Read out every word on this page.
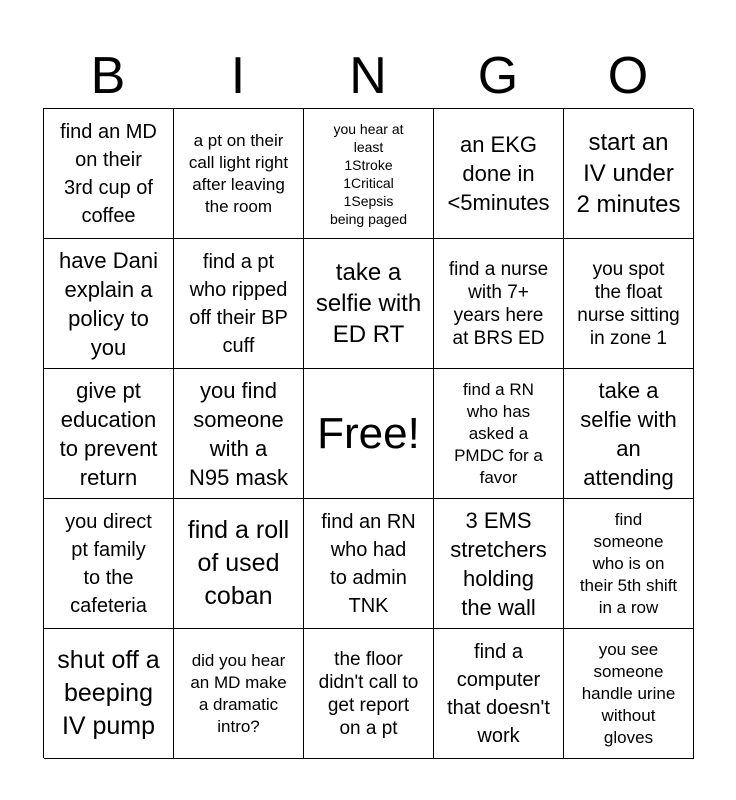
B	I	N	G	O
find an MD
on their
3rd cup of
coffee
a pt on their
call light right
after leaving
the room
you hear at
least
1Stroke
1Critical
1Sepsis
being paged
an EKG
done in
<5minutes
start an
IV under
2 minutes
have Dani
explain a
policy to
you
find a pt
who ripped
off their BP
cuff
take a
selfie with
ED RT
find a nurse
with 7+
years here
at BRS ED
you spot
the float
nurse sitting
in zone 1
give pt
education
to prevent
return
you find
someone
with a
N95 mask
Free!
find a RN
who has
asked a
PMDC for a
favor
take a
selfie with
an
attending
you direct
pt family
to the
cafeteria
find a roll
of used
coban
find an RN
who had
to admin
TNK
3 EMS
stretchers
holding
the wall
find
someone
who is on
their 5th shift
in a row
shut off a
beeping
IV pump
did you hear
an MD make
a dramatic
intro?
the floor
didn't call to
get report
on a pt
find a
computer
that doesn't
work
you see
someone
handle urine
without
gloves
